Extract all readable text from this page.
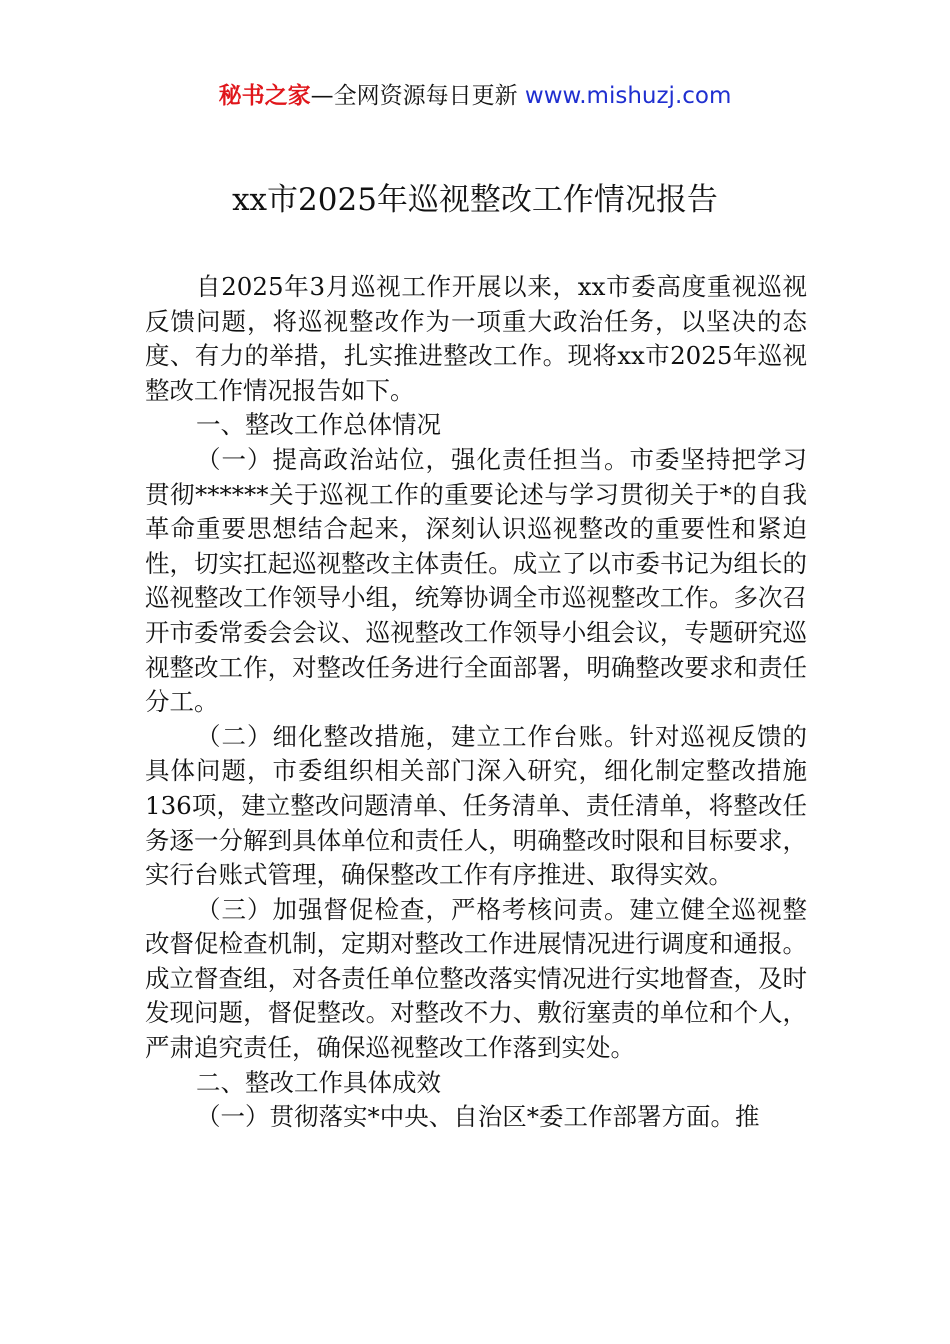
秘书之家—全网资源每日更新 www.mishuzj.com
xx市2025年巡视整改工作情况报告

自2025年3月巡视工作开展以来，xx市委高度重视巡视反馈问题，将巡视整改作为一项重大政治任务，以坚决的态度、有力的举措，扎实推进整改工作。现将xx市2025年巡视整改工作情况报告如下。

一、整改工作总体情况

（一）提高政治站位，强化责任担当。市委坚持把学习贯彻******关于巡视工作的重要论述与学习贯彻关于*的自我革命重要思想结合起来，深刻认识巡视整改的重要性和紧迫性，切实扛起巡视整改主体责任。成立了以市委书记为组长的巡视整改工作领导小组，统筹协调全市巡视整改工作。多次召开市委常委会会议、巡视整改工作领导小组会议，专题研究巡视整改工作，对整改任务进行全面部署，明确整改要求和责任分工。

（二）细化整改措施，建立工作台账。针对巡视反馈的具体问题，市委组织相关部门深入研究，细化制定整改措施136项，建立整改问题清单、任务清单、责任清单，将整改任务逐一分解到具体单位和责任人，明确整改时限和目标要求，实行台账式管理，确保整改工作有序推进、取得实效。

（三）加强督促检查，严格考核问责。建立健全巡视整改督促检查机制，定期对整改工作进展情况进行调度和通报。成立督查组，对各责任单位整改落实情况进行实地督查，及时发现问题，督促整改。对整改不力、敷衍塞责的单位和个人，严肃追究责任，确保巡视整改工作落到实处。

二、整改工作具体成效

（一）贯彻落实*中央、自治区*委工作部署方面。推
